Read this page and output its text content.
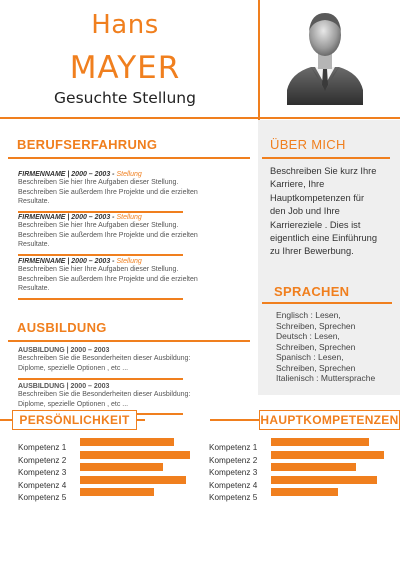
Hans
MAYER
Gesuchte Stellung
ÜBER MICH
Beschreiben Sie kurz Ihre
Karriere, Ihre
Hauptkompetenzen für
den Job und Ihre
Karriereziele . Dies ist
eigentlich eine Einführung
zu Ihrer Bewerbung.
SPRACHEN
Englisch : Lesen,
Schreiben, Sprechen
Deutsch : Lesen,
Schreiben, Sprechen
Spanisch : Lesen,
Schreiben, Sprechen
Italienisch : Muttersprache
BERUFSERFAHRUNG
FIRMENNAME | 2000 – 2003 - Stellung
Beschreiben Sie hier Ihre Aufgaben dieser Stellung.
Beschreiben Sie außerdem Ihre Projekte und die erzielten
Resultate.
FIRMENNAME | 2000 – 2003 - Stellung
Beschreiben Sie hier Ihre Aufgaben dieser Stellung.
Beschreiben Sie außerdem Ihre Projekte und die erzielten
Resultate.
FIRMENNAME | 2000 – 2003 - Stellung
Beschreiben Sie hier Ihre Aufgaben dieser Stellung.
Beschreiben Sie außerdem Ihre Projekte und die erzielten
Resultate.
AUSBILDUNG
AUSBILDUNG | 2000 – 2003
Beschreiben Sie die Besonderheiten dieser Ausbildung:
Diplome, spezielle Optionen , etc ...
AUSBILDUNG | 2000 – 2003
Beschreiben Sie die Besonderheiten dieser Ausbildung:
Diplome, spezielle Optionen , etc ...
PERSÖNLICHKEIT
Kompetenz 1
Kompetenz 2
Kompetenz 3
Kompetenz 4
Kompetenz 5
HAUPTKOMPETENZEN
Kompetenz 1
Kompetenz 2
Kompetenz 3
Kompetenz 4
Kompetenz 5
